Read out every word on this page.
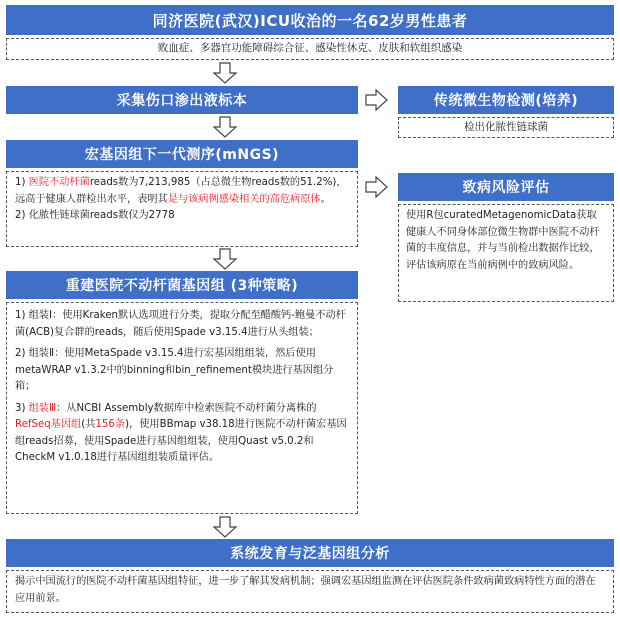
同济医院(武汉)ICU收治的一名62岁男性患者
败血症、多器官功能障碍综合征、感染性休克、皮肤和软组织感染
采集伤口渗出液标本	传统微生物检测(培养)
检出化脓性链球菌
宏基因组下一代测序(mNGS)

1) 医院不动杆菌reads数为7,213,985（占总微生物reads数的51.2%)，远高于健康人群检出水平，表明其是与该病例感染相关的高危病原体。

2) 化脓性链球菌reads数仅为2778

致病风险评估

使用R包curatedMetagenomicData获取健康人不同身体部位微生物群中医院不动杆菌的丰度信息，并与当前检出数据作比较，评估该病原在当前病例中的致病风险。

重建医院不动杆菌基因组 (3种策略)

1) 组装Ⅰ：使用Kraken默认选项进行分类，提取分配至醋酸钙-鲍曼不动杆菌(ACB)复合群的reads，随后使用Spade v3.15.4进行从头组装；

2) 组装Ⅱ：使用MetaSpade v3.15.4进行宏基因组组装，然后使用metaWRAP v1.3.2中的binning和bin_refinement模块进行基因组分箱；

3) 组装Ⅲ：从NCBI Assembly数据库中检索医院不动杆菌分离株的RefSeq基因组(共156条)，使用BBmap v38.18进行医院不动杆菌宏基因组reads招募，使用Spade进行基因组组装，使用Quast v5.0.2和CheckM v1.0.18进行基因组组装质量评估。

系统发育与泛基因组分析

揭示中国流行的医院不动杆菌基因组特征，进一步了解其发病机制；强调宏基因组监测在评估医院条件致病菌致病特性方面的潜在应用前景。
